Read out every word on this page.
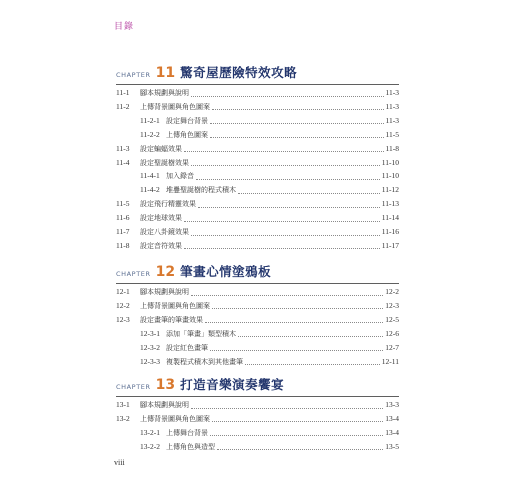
目錄
CHAPTER 11 驚奇屋歷險特效攻略
11-1	腳本規劃與說明	11-3
11-2	上傳背景圖與角色圖案	11-3
11-2-1 設定舞台背景	11-3
11-2-2 上傳角色圖案	11-5
11-3	設定蝙蝠效果	11-8
11-4	設定聖誕樹效果	11-10
11-4-1 加入錄音	11-10
11-4-2 堆疊聖誕樹的程式積木	11-12
11-5	設定飛行精靈效果	11-13
11-6	設定地球效果	11-14
11-7	設定八卦鏡效果	11-16
11-8	設定音符效果	11-17
CHAPTER 12 筆畫心情塗鴉板
12-1	腳本規劃與說明	12-2
12-2	上傳背景圖與角色圖案	12-3
12-3	設定畫筆的筆畫效果	12-5
12-3-1 添加「筆畫」類型積木	12-6
12-3-2 設定紅色畫筆	12-7
12-3-3 複製程式積木到其他畫筆	12-11
CHAPTER 13 打造音樂演奏饗宴
13-1	腳本規劃與說明	13-3
13-2	上傳背景圖與角色圖案	13-4
13-2-1 上傳舞台背景	13-4
13-2-2 上傳角色與造型	13-5
viii
